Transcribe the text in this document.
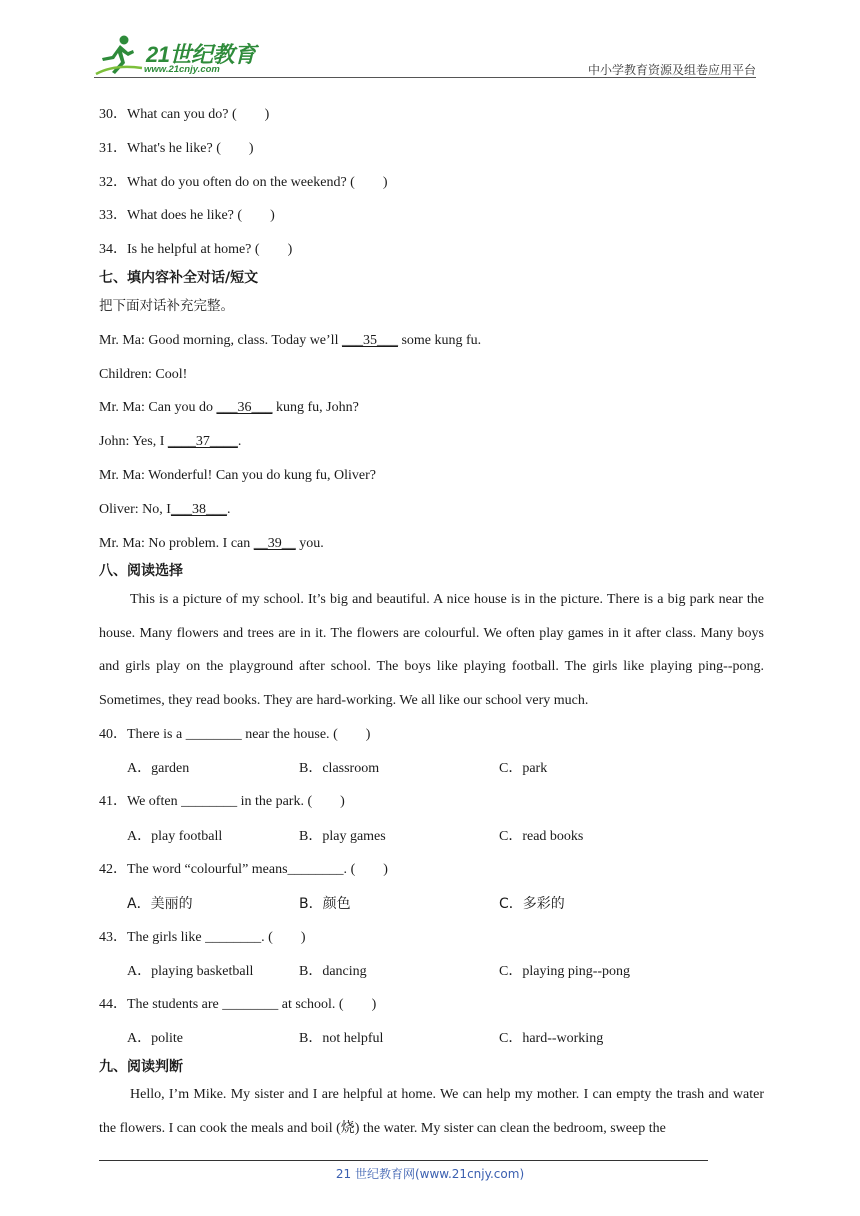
21世纪教育
www.21cnjy.com	中小学教育资源及组卷应用平台
30．What can you do? (　　)
31．What's he like? (　　)
32．What do you often do on the weekend? (　　)
33．What does he like? (　　)
34．Is he helpful at home? (　　)
七、填内容补全对话/短文
把下面对话补充完整。
Mr. Ma: Good morning, class. Today we’ll ___35___ some kung fu.
Children: Cool!
Mr. Ma: Can you do ___36___ kung fu, John?
John: Yes, I ____37____.
Mr. Ma: Wonderful! Can you do kung fu, Oliver?
Oliver: No, I___38___.
Mr. Ma: No problem. I can __39__ you.
八、阅读选择
This is a picture of my school. It’s big and beautiful. A nice house is in the picture. There is a big park near the house. Many flowers and trees are in it. The flowers are colourful. We often play games in it after class. Many boys and girls play on the playground after school. The boys like playing football. The girls like playing ping--pong. Sometimes, they read books. They are hard-working. We all like our school very much.
40．There is a ________ near the house. (　　)
A．garden	B．classroom	C．park
41．We often ________ in the park. (　　)
A．play football	B．play games	C．read books
42．The word “colourful” means________. (　　)
A．美丽的	B．颜色	C．多彩的
43．The girls like ________. (　　)
A．playing basketball	B．dancing	C．playing ping--pong
44．The students are ________ at school. (　　)
A．polite	B．not helpful	C．hard--working
九、阅读判断
Hello, I’m Mike. My sister and I are helpful at home. We can help my mother. I can empty the trash and water the flowers. I can cook the meals and boil (烧) the water. My sister can clean the bedroom, sweep the
21 世纪教育网(www.21cnjy.com)
